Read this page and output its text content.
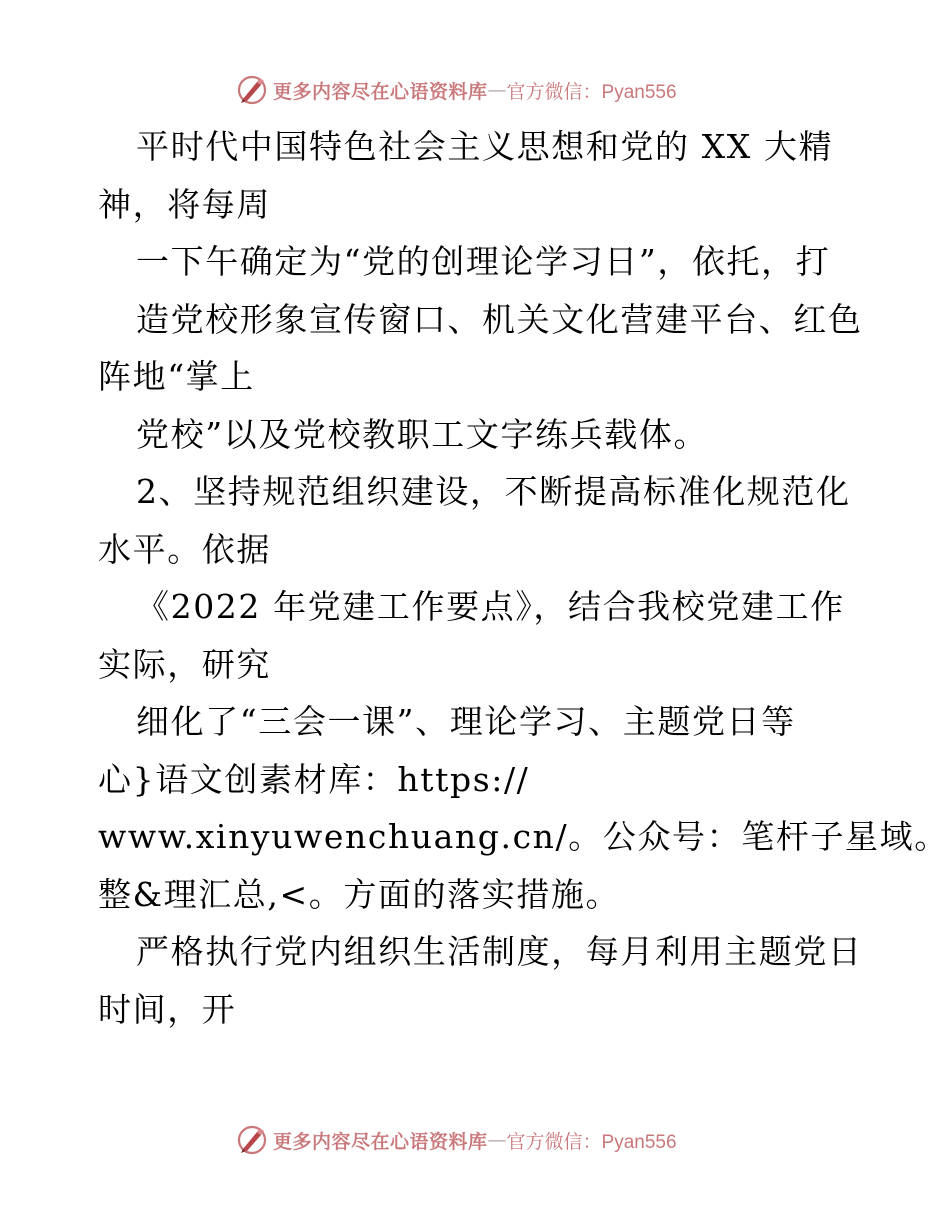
更多内容尽在心语资料库 — 官方微信：Pyan556
平时代中国特色社会主义思想和党的 XX 大精
神，将每周
一下午确定为“党的创理论学习日”，依托，打
造党校形象宣传窗口、机关文化营建平台、红色
阵地“掌上
党校”以及党校教职工文字练兵载体。
2、坚持规范组织建设，不断提高标准化规范化
水平。依据
《2022 年党建工作要点》，结合我校党建工作
实际，研究
细化了“三会一课”、理论学习、主题党日等
心}语文创素材库：https://
www.xinyuwenchuang.cn/。公众号：笔杆子星域。
整&理汇总,<。方面的落实措施。
严格执行党内组织生活制度，每月利用主题党日
时间，开
更多内容尽在心语资料库 — 官方微信：Pyan556
